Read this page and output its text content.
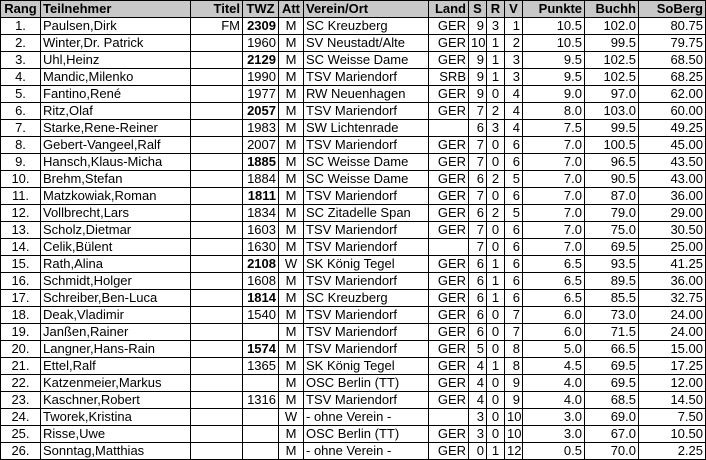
Rang	Teilnehmer	Titel	TWZ	Att	Verein/Ort	Land	S	R	V	Punkte	Buchh	SoBerg
1.	Paulsen,Dirk	FM	2309	M	SC Kreuzberg	GER	9	3	1	10.5	102.0	80.75
2.	Winter,Dr. Patrick		1960	M	SV Neustadt/Alte	GER	10	1	2	10.5	99.5	79.75
3.	Uhl,Heinz		2129	M	SC Weisse Dame	GER	9	1	3	9.5	102.5	68.50
4.	Mandic,Milenko		1990	M	TSV Mariendorf	SRB	9	1	3	9.5	102.5	68.25
5.	Fantino,René		1977	M	RW Neuenhagen	GER	9	0	4	9.0	97.0	62.00
6.	Ritz,Olaf		2057	M	TSV Mariendorf	GER	7	2	4	8.0	103.0	60.00
7.	Starke,Rene-Reiner		1983	M	SW Lichtenrade		6	3	4	7.5	99.5	49.25
8.	Gebert-Vangeel,Ralf		2007	M	TSV Mariendorf	GER	7	0	6	7.0	100.5	45.00
9.	Hansch,Klaus-Micha		1885	M	SC Weisse Dame	GER	7	0	6	7.0	96.5	43.50
10.	Brehm,Stefan		1884	M	SC Weisse Dame	GER	6	2	5	7.0	90.5	43.00
11.	Matzkowiak,Roman		1811	M	TSV Mariendorf	GER	7	0	6	7.0	87.0	36.00
12.	Vollbrecht,Lars		1834	M	SC Zitadelle Span	GER	6	2	5	7.0	79.0	29.00
13.	Scholz,Dietmar		1603	M	TSV Mariendorf	GER	7	0	6	7.0	75.0	30.50
14.	Celik,Bülent		1630	M	TSV Mariendorf		7	0	6	7.0	69.5	25.00
15.	Rath,Alina		2108	W	SK König Tegel	GER	6	1	6	6.5	93.5	41.25
16.	Schmidt,Holger		1608	M	TSV Mariendorf	GER	6	1	6	6.5	89.5	36.00
17.	Schreiber,Ben-Luca		1814	M	SC Kreuzberg	GER	6	1	6	6.5	85.5	32.75
18.	Deak,Vladimir		1540	M	TSV Mariendorf	GER	6	0	7	6.0	73.0	24.00
19.	Janßen,Rainer			M	TSV Mariendorf	GER	6	0	7	6.0	71.5	24.00
20.	Langner,Hans-Rain		1574	M	TSV Mariendorf	GER	5	0	8	5.0	66.5	15.00
21.	Ettel,Ralf		1365	M	SK König Tegel	GER	4	1	8	4.5	69.5	17.25
22.	Katzenmeier,Markus			M	OSC Berlin (TT)	GER	4	0	9	4.0	69.5	12.00
23.	Kaschner,Robert		1316	M	TSV Mariendorf	GER	4	0	9	4.0	68.5	14.50
24.	Tworek,Kristina			W	- ohne Verein -		3	0	10	3.0	69.0	7.50
25.	Risse,Uwe			M	OSC Berlin (TT)	GER	3	0	10	3.0	67.0	10.50
26.	Sonntag,Matthias			M	- ohne Verein -	GER	0	1	12	0.5	70.0	2.25
